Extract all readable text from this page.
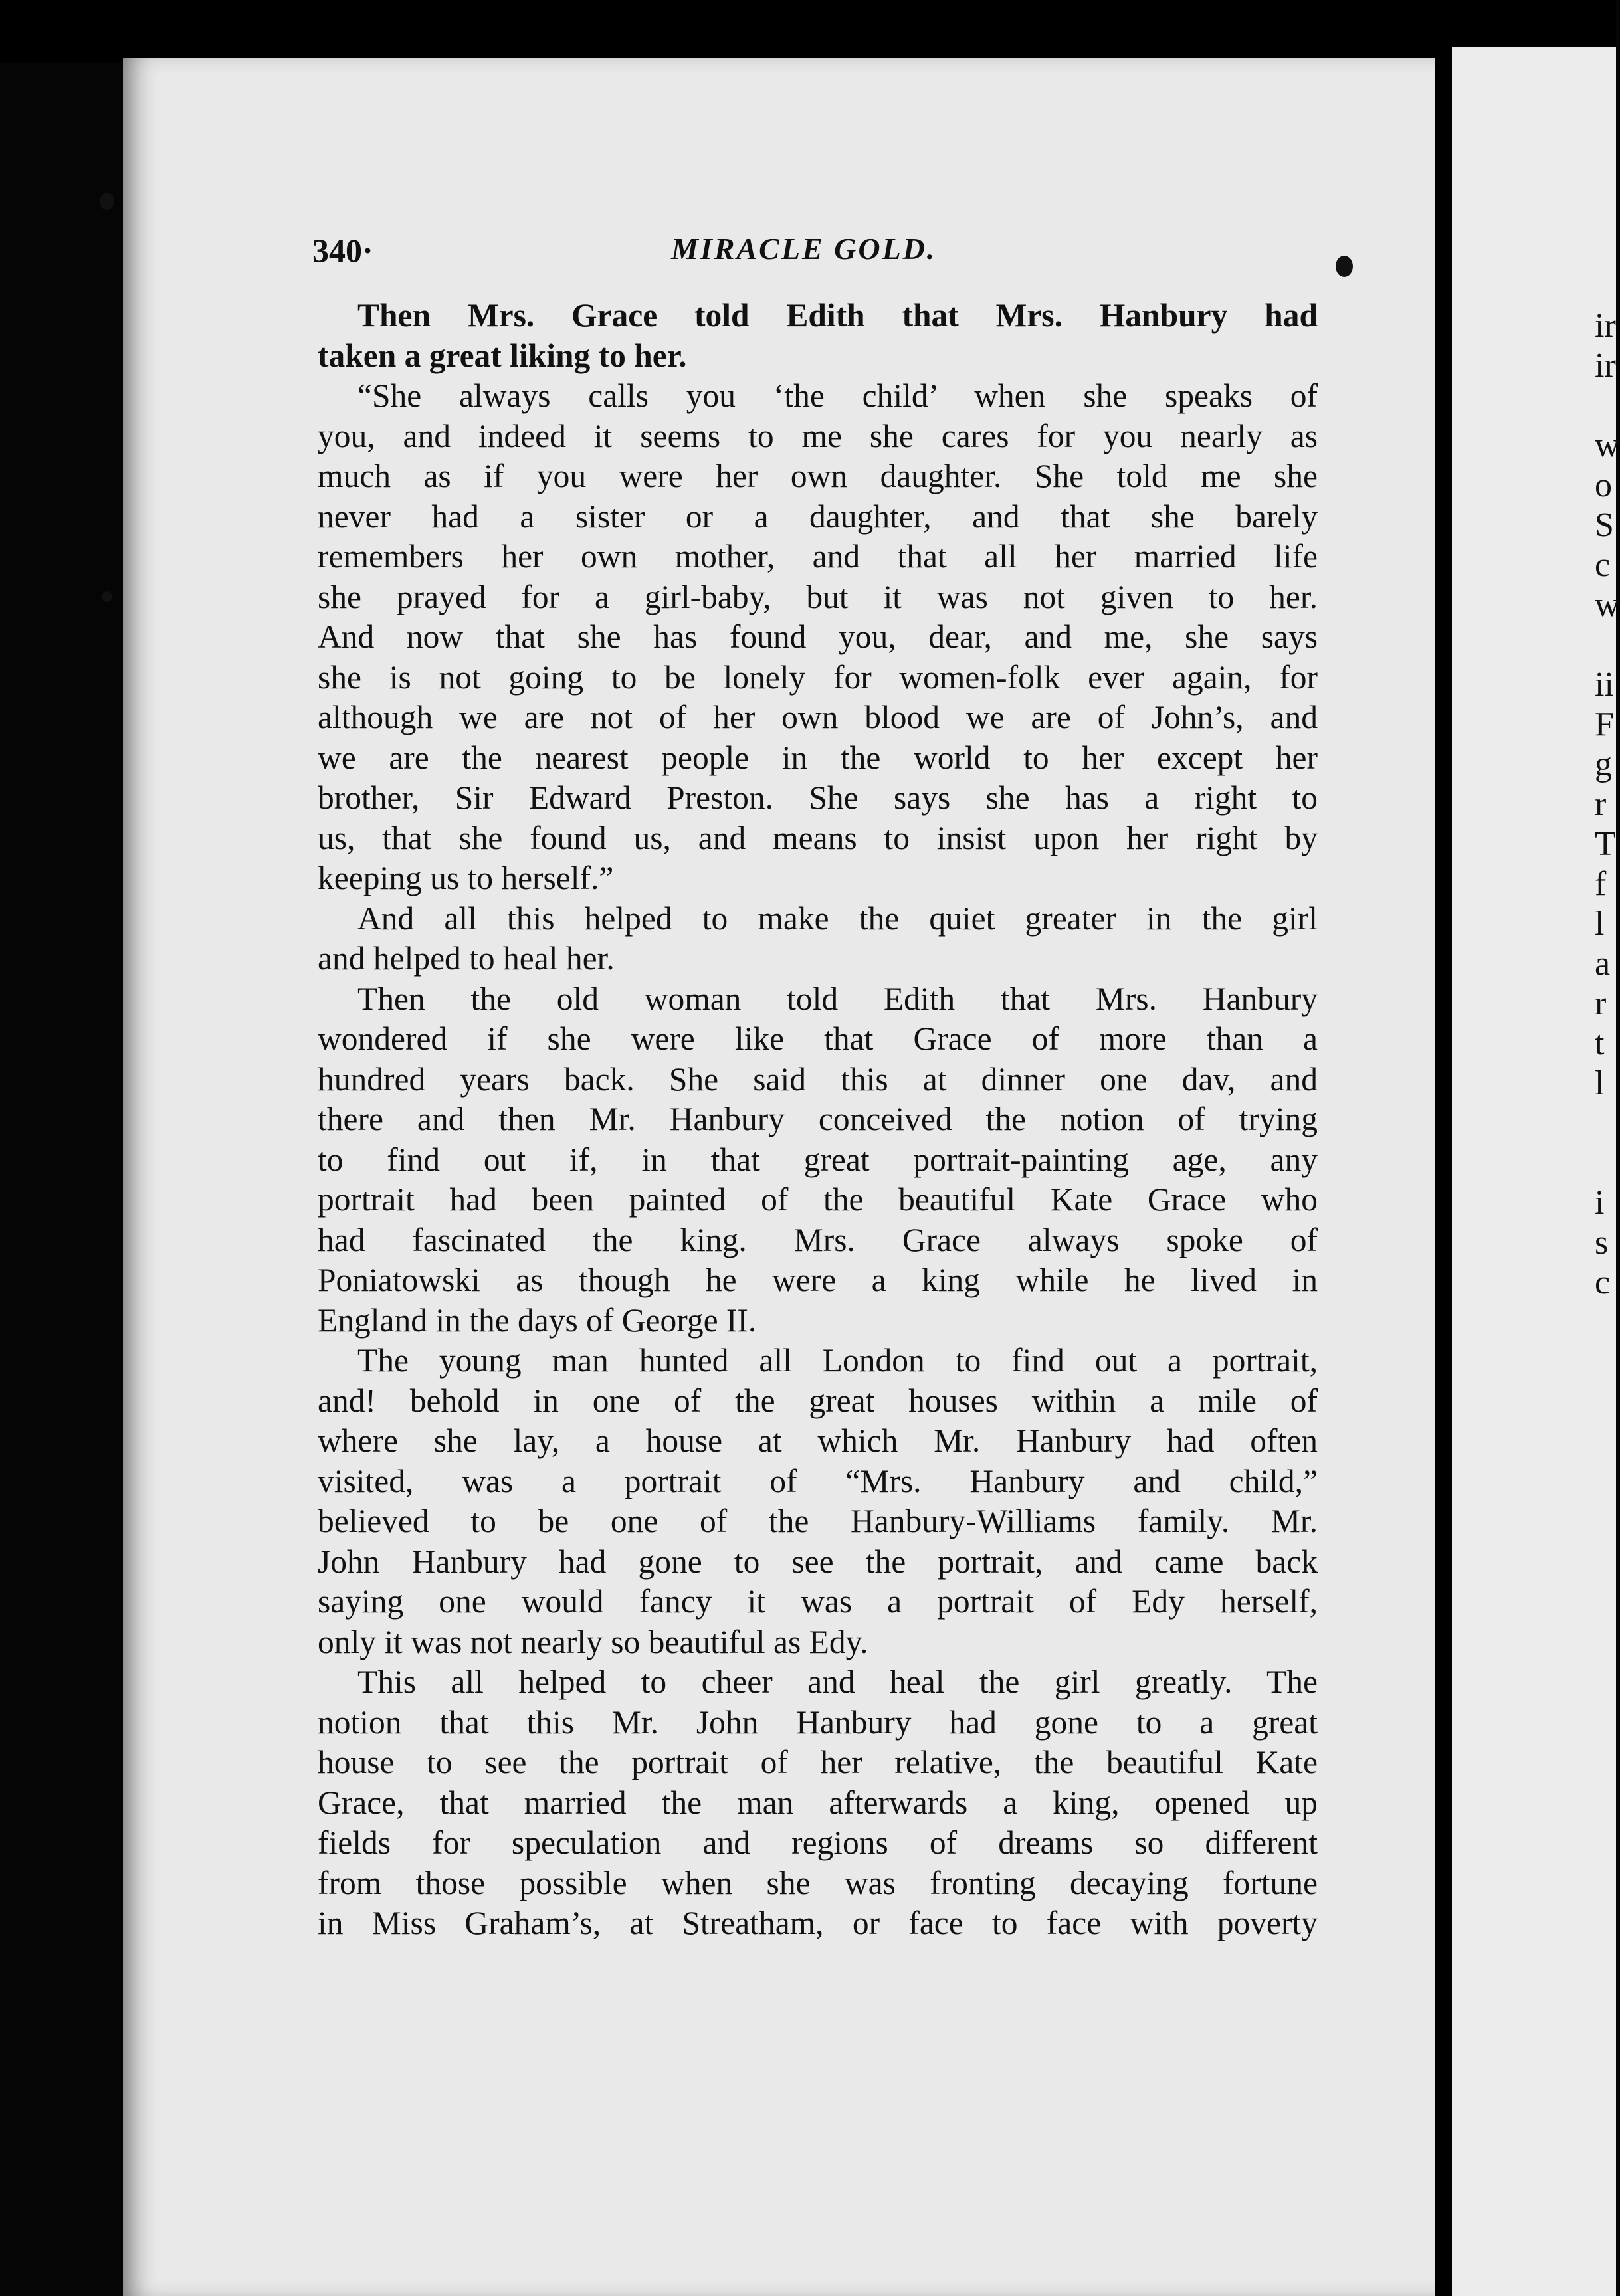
ir
ir
w
o
S
c
w
ii
F
g
r
T
f
l
a
r
t
l
i
s
c
340·	MIRACLE GOLD.
Then Mrs. Grace told Edith that Mrs. Hanbury had
taken a great liking to her.
“She always calls you ‘the child’ when she speaks of
you, and indeed it seems to me she cares for you nearly as
much as if you were her own daughter. She told me she
never had a sister or a daughter, and that she barely
remembers her own mother, and that all her married life
she prayed for a girl-baby, but it was not given to her.
And now that she has found you, dear, and me, she says
she is not going to be lonely for women-folk ever again, for
although we are not of her own blood we are of John’s, and
we are the nearest people in the world to her except her
brother, Sir Edward Preston. She says she has a right to
us, that she found us, and means to insist upon her right by
keeping us to herself.”
And all this helped to make the quiet greater in the girl
and helped to heal her.
Then the old woman told Edith that Mrs. Hanbury
wondered if she were like that Grace of more than a
hundred years back. She said this at dinner one dav, and
there and then Mr. Hanbury conceived the notion of trying
to find out if, in that great portrait-painting age, any
portrait had been painted of the beautiful Kate Grace who
had fascinated the king. Mrs. Grace always spoke of
Poniatowski as though he were a king while he lived in
England in the days of George II.
The young man hunted all London to find out a portrait,
and! behold in one of the great houses within a mile of
where she lay, a house at which Mr. Hanbury had often
visited, was a portrait of “Mrs. Hanbury and child,”
believed to be one of the Hanbury-Williams family. Mr.
John Hanbury had gone to see the portrait, and came back
saying one would fancy it was a portrait of Edy herself,
only it was not nearly so beautiful as Edy.
This all helped to cheer and heal the girl greatly. The
notion that this Mr. John Hanbury had gone to a great
house to see the portrait of her relative, the beautiful Kate
Grace, that married the man afterwards a king, opened up
fields for speculation and regions of dreams so different
from those possible when she was fronting decaying fortune
in Miss Graham’s, at Streatham, or face to face with poverty
